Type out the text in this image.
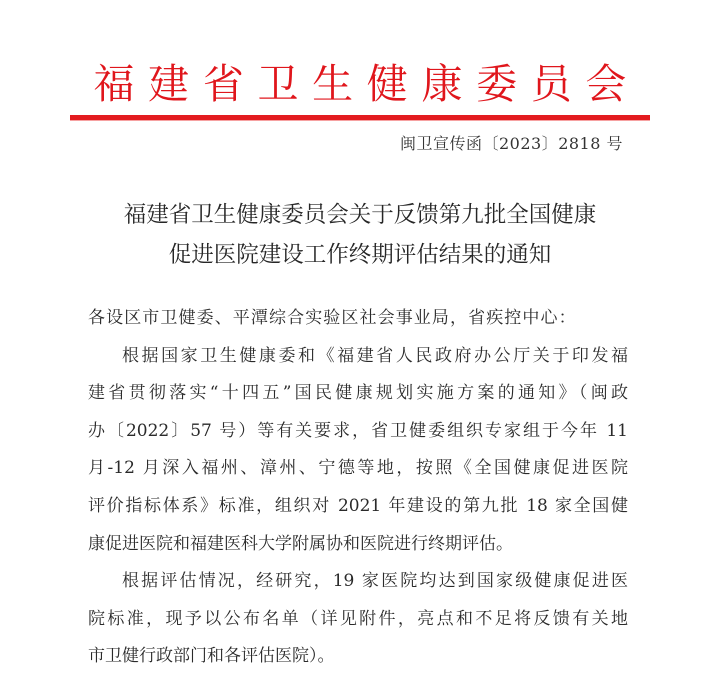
福 建 省 卫 生 健 康 委 员 会
闽卫宣传函〔2023〕2818 号
福建省卫生健康委员会关于反馈第九批全国健康
促进医院建设工作终期评估结果的通知
各设区市卫健委、平潭综合实验区社会事业局，省疾控中心：
根据国家卫生健康委和《福建省人民政府办公厅关于印发福
建省贯彻落实“十四五”国民健康规划实施方案的通知》（闽政
办〔2022〕57 号）等有关要求，省卫健委组织专家组于今年 11
月-12 月深入福州、漳州、宁德等地，按照《全国健康促进医院
评价指标体系》标准，组织对 2021 年建设的第九批 18 家全国健
康促进医院和福建医科大学附属协和医院进行终期评估。
根据评估情况，经研究，19 家医院均达到国家级健康促进医
院标准，现予以公布名单（详见附件，亮点和不足将反馈有关地
市卫健行政部门和各评估医院）。
